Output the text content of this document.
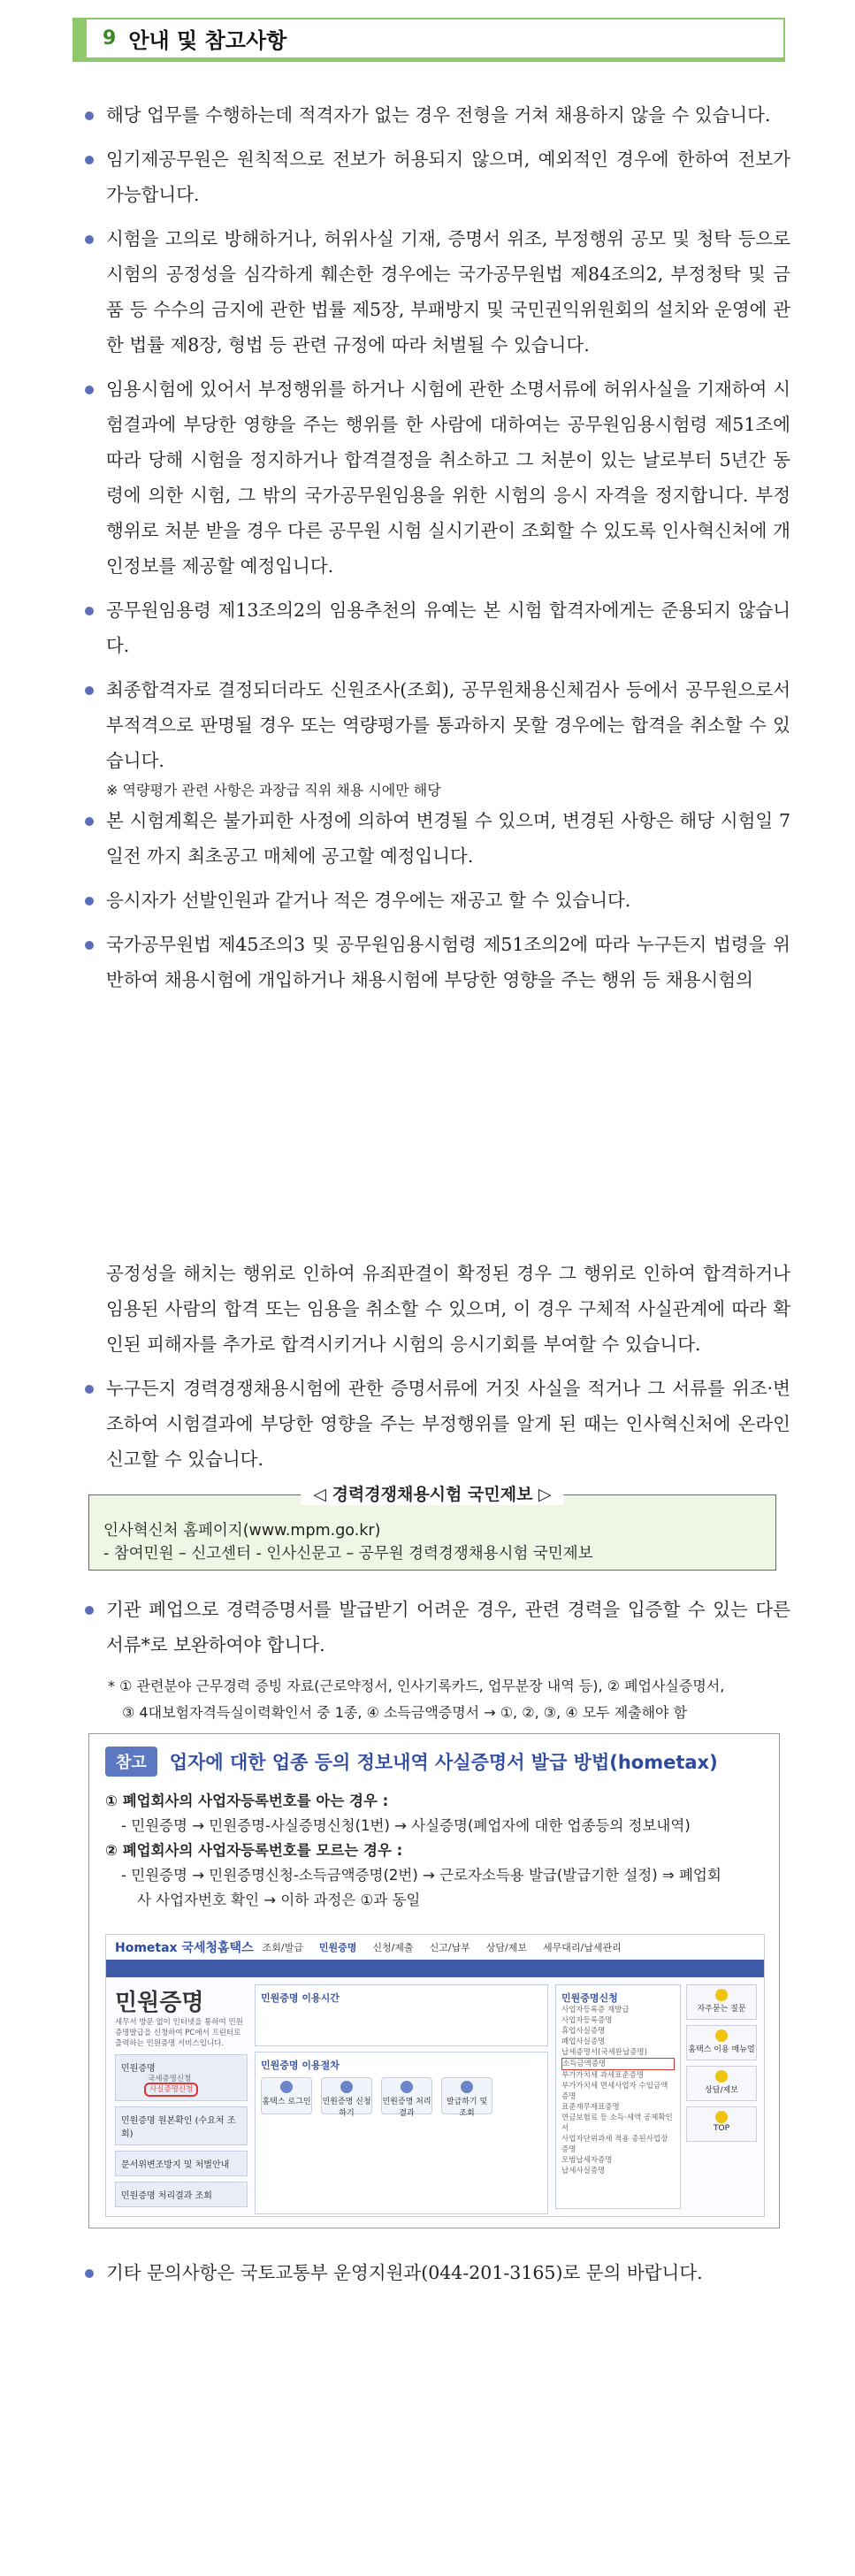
9 안내 및 참고사항
해당 업무를 수행하는데 적격자가 없는 경우 전형을 거쳐 채용하지 않을 수 있습니다.
임기제공무원은 원칙적으로 전보가 허용되지 않으며, 예외적인 경우에 한하여 전보가 가능합니다.
시험을 고의로 방해하거나, 허위사실 기재, 증명서 위조, 부정행위 공모 및 청탁 등으로 시험의 공정성을 심각하게 훼손한 경우에는 국가공무원법 제84조의2, 부정청탁 및 금품 등 수수의 금지에 관한 법률 제5장, 부패방지 및 국민권익위원회의 설치와 운영에 관한 법률 제8장, 형법 등 관련 규정에 따라 처벌될 수 있습니다.
임용시험에 있어서 부정행위를 하거나 시험에 관한 소명서류에 허위사실을 기재하여 시험결과에 부당한 영향을 주는 행위를 한 사람에 대하여는 공무원임용시험령 제51조에 따라 당해 시험을 정지하거나 합격결정을 취소하고 그 처분이 있는 날로부터 5년간 동 령에 의한 시험, 그 밖의 국가공무원임용을 위한 시험의 응시 자격을 정지합니다. 부정행위로 처분 받을 경우 다른 공무원 시험 실시기관이 조회할 수 있도록 인사혁신처에 개인정보를 제공할 예정입니다.
공무원임용령 제13조의2의 임용추천의 유예는 본 시험 합격자에게는 준용되지 않습니다.
최종합격자로 결정되더라도 신원조사(조회), 공무원채용신체검사 등에서 공무원으로서 부적격으로 판명될 경우 또는 역량평가를 통과하지 못할 경우에는 합격을 취소할 수 있습니다.
※ 역량평가 관련 사항은 과장급 직위 채용 시에만 해당
본 시험계획은 불가피한 사정에 의하여 변경될 수 있으며, 변경된 사항은 해당 시험일 7일전 까지 최초공고 매체에 공고할 예정입니다.
응시자가 선발인원과 같거나 적은 경우에는 재공고 할 수 있습니다.
국가공무원법 제45조의3 및 공무원임용시험령 제51조의2에 따라 누구든지 법령을 위반하여 채용시험에 개입하거나 채용시험에 부당한 영향을 주는 행위 등 채용시험의
공정성을 해치는 행위로 인하여 유죄판결이 확정된 경우 그 행위로 인하여 합격하거나 임용된 사람의 합격 또는 임용을 취소할 수 있으며, 이 경우 구체적 사실관계에 따라 확인된 피해자를 추가로 합격시키거나 시험의 응시기회를 부여할 수 있습니다.
누구든지 경력경쟁채용시험에 관한 증명서류에 거짓 사실을 적거나 그 서류를 위조·변조하여 시험결과에 부당한 영향을 주는 부정행위를 알게 된 때는 인사혁신처에 온라인 신고할 수 있습니다.
◁ 경력경쟁채용시험 국민제보 ▷
인사혁신처 홈페이지(www.mpm.go.kr)
- 참여민원 – 신고센터 - 인사신문고 – 공무원 경력경쟁채용시험 국민제보
기관 폐업으로 경력증명서를 발급받기 어려운 경우, 관련 경력을 입증할 수 있는 다른 서류*로 보완하여야 합니다.
* ① 관련분야 근무경력 증빙 자료(근로약정서, 인사기록카드, 업무분장 내역 등), ② 폐업사실증명서,
③ 4대보험자격득실이력확인서 중 1종, ④ 소득금액증명서 → ①, ②, ③, ④ 모두 제출해야 함
참고	업자에 대한 업종 등의 정보내역 사실증명서 발급 방법(hometax)
① 폐업회사의 사업자등록번호를 아는 경우 :
- 민원증명 → 민원증명-사실증명신청(1번) → 사실증명(폐업자에 대한 업종등의 정보내역)
② 폐업회사의 사업자등록번호를 모르는 경우 :
- 민원증명 → 민원증명신청-소득금액증명(2번) → 근로자소득용 발급(발급기한 설정) ⇒ 폐업회
사 사업자번호 확인 → 이하 과정은 ①과 동일
Hometax 국세청홈택스 조회/발급 민원증명 신청/제출 신고/납부 상담/제보 세무대리/납세관리
민원증명
세무서 방문 없이 인터넷을 통하여 민원증명발급을 신청하여 PC에서 프린터로 출력하는 민원증명 서비스입니다.
민원증명
국세증명신청
사실증명신청
민원증명 원본확인 (수요처 조회)
문서위변조방지 및 처벌안내
민원증명 처리결과 조회
민원증명 이용시간
민원증명 이용절차
홈택스 로그인 민원증명 신청하기
민원증명 처리결과
발급하기 및 조회
민원증명신청
사업자등록증 재발급
사업자등록증명
휴업사실증명
폐업사실증명
납세증명서(국세완납증명)
소득금액증명
부가가치세 과세표준증명
부가가치세 면세사업자 수입금액증명
표준재무제표증명
연금보험료 등 소득·세액 공제확인서
사업자단위과세 적용 종된사업장증명
모범납세자증명
납세사실증명
자주묻는 질문
홈택스 이용 매뉴얼
상담/제보
TOP
기타 문의사항은 국토교통부 운영지원과(044-201-3165)로 문의 바랍니다.
